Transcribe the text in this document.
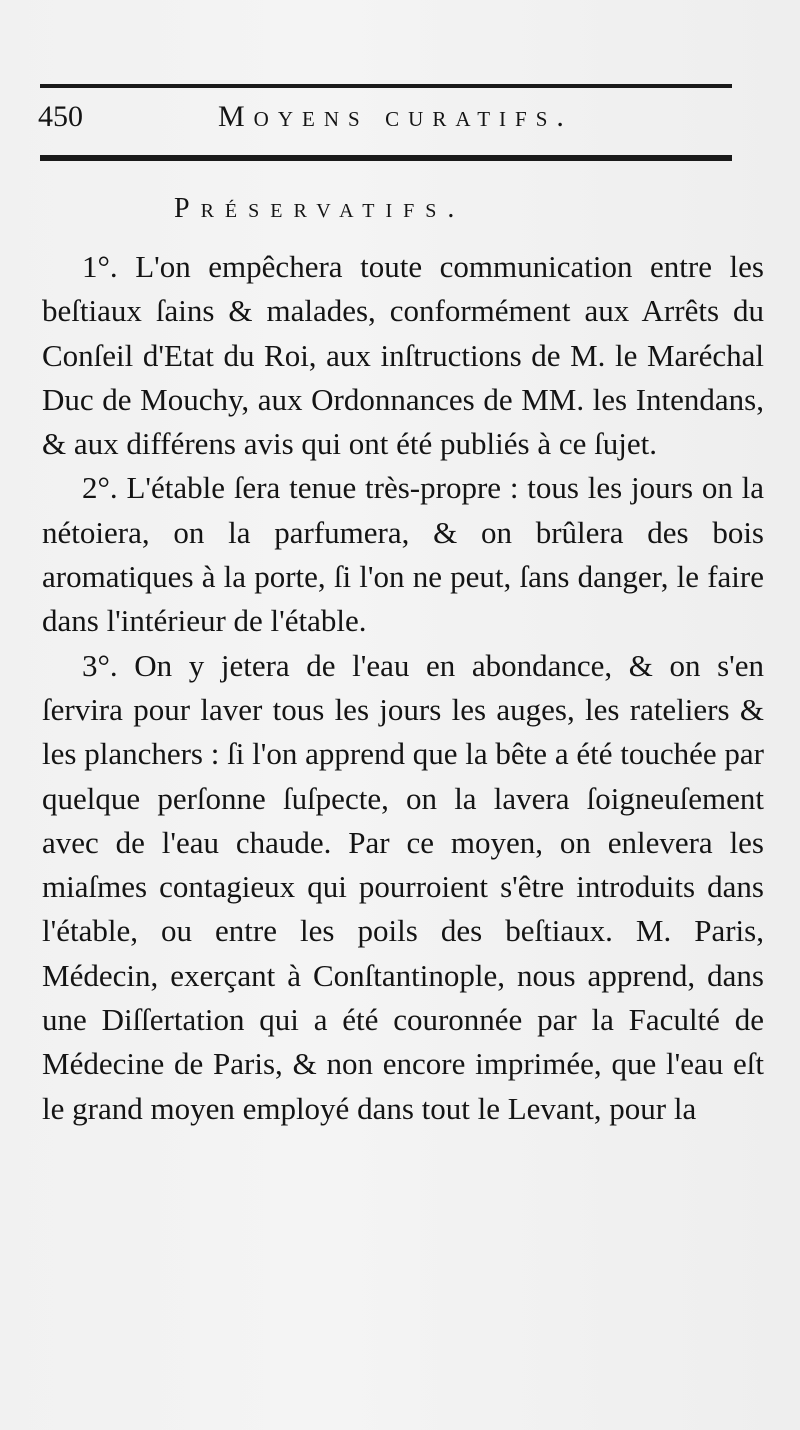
450	Moyens curatifs.
Préservatifs.

1°. L'on empêchera toute communication entre les beſtiaux ſains & malades, conformément aux Arrêts du Conſeil d'Etat du Roi, aux inſtructions de M. le Maréchal Duc de Mouchy, aux Ordonnances de MM. les Intendans, & aux différens avis qui ont été publiés à ce ſujet.

2°. L'étable ſera tenue très-propre : tous les jours on la nétoiera, on la parfumera, & on brûlera des bois aromatiques à la porte, ſi l'on ne peut, ſans danger, le faire dans l'intérieur de l'étable.

3°. On y jetera de l'eau en abondance, & on s'en ſervira pour laver tous les jours les auges, les rateliers & les planchers : ſi l'on apprend que la bête a été touchée par quelque perſonne ſuſpecte, on la lavera ſoigneuſement avec de l'eau chaude. Par ce moyen, on enlevera les miaſmes contagieux qui pourroient s'être introduits dans l'étable, ou entre les poils des beſtiaux. M. Paris, Médecin, exerçant à Conſtantinople, nous apprend, dans une Diſſertation qui a été couronnée par la Faculté de Médecine de Paris, & non encore imprimée, que l'eau eſt le grand moyen employé dans tout le Levant, pour la
